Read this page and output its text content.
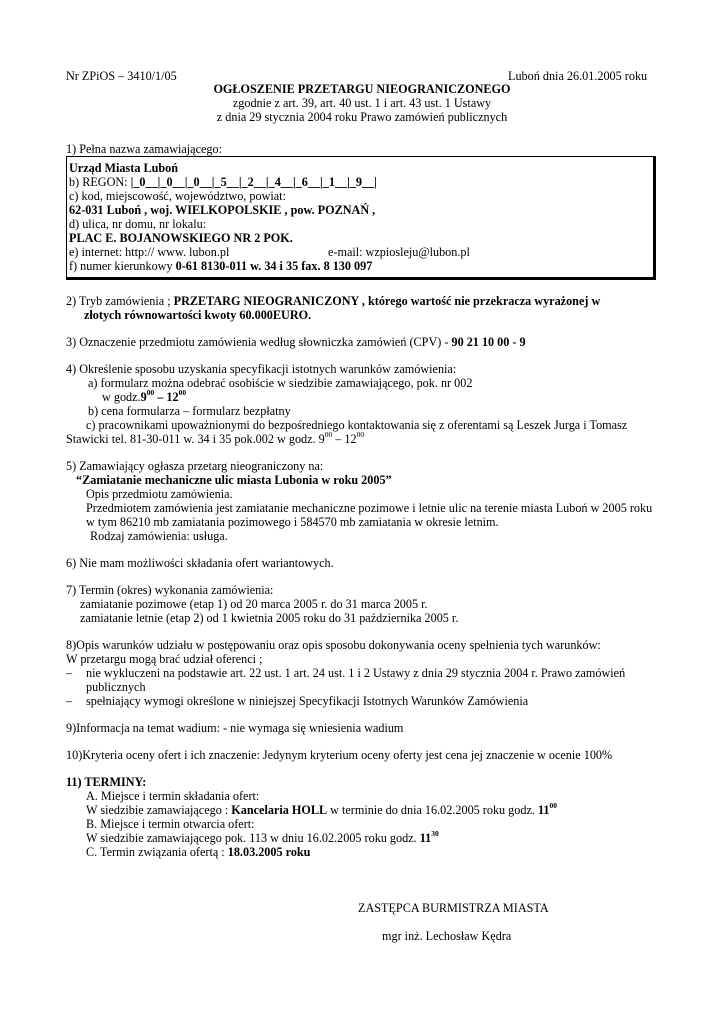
Nr ZPiOS – 3410/1/05	Luboń dnia 26.01.2005 roku
OGŁOSZENIE PRZETARGU NIEOGRANICZONEGO
zgodnie z art. 39, art. 40 ust. 1 i art. 43 ust. 1 Ustawy
z dnia 29 stycznia 2004 roku Prawo zamówień publicznych
1) Pełna nazwa zamawiającego:
Urząd Miasta Luboń
b) REGON: |_0__|_0__|_0__|_5__|_2__|_4__|_6__|_1__|_9__|
c) kod, miejscowość, województwo, powiat:
62-031 Luboń , woj. WIELKOPOLSKIE , pow. POZNAŃ ,
d) ulica, nr domu, nr lokalu:
PLAC E. BOJANOWSKIEGO NR 2 POK.
e) internet: http:// www. lubon.pl	e-mail: wzpiosleju@lubon.pl
f) numer kierunkowy 0-61 8130-011 w. 34 i 35 fax. 8 130 097
2) Tryb zamówienia ; PRZETARG NIEOGRANICZONY , którego wartość nie przekracza wyrażonej w
złotych równowartości kwoty 60.000EURO.
3) Oznaczenie przedmiotu zamówienia według słowniczka zamówień (CPV) - 90 21 10 00 - 9
4) Określenie sposobu uzyskania specyfikacji istotnych warunków zamówienia:
a) formularz można odebrać osobiście w siedzibie zamawiającego, pok. nr 002
w $godz.9^{00} - 12^{00}$
b) cena formularza – formularz bezpłatny
c) pracownikami upoważnionymi do bezpośredniego kontaktowania się z oferentami są Leszek Jurga i Tomasz
Stawicki tel. 81-30-011 w. 34 i 35 pok.002 w godz. $9^{00} - 12^{00}$
5) Zamawiający ogłasza przetarg nieograniczony na:
“Zamiatanie mechaniczne ulic miasta Lubonia w roku 2005”
Opis przedmiotu zamówienia.
Przedmiotem zamówienia jest zamiatanie mechaniczne pozimowe i letnie ulic na terenie miasta Luboń w 2005 roku
w tym 86210 mb zamiatania pozimowego i 584570 mb zamiatania w okresie letnim.
Rodzaj zamówienia: usługa.
6) Nie mam możliwości składania ofert wariantowych.
7) Termin (okres) wykonania zamówienia:
zamiatanie pozimowe (etap 1) od 20 marca 2005 r. do 31 marca 2005 r.
zamiatanie letnie (etap 2) od 1 kwietnia 2005 roku do 31 października 2005 r.
8)Opis warunków udziału w postępowaniu oraz opis sposobu dokonywania oceny spełnienia tych warunków:
W przetargu mogą brać udział oferenci ;
– nie wykluczeni na podstawie art. 22 ust. 1 art. 24 ust. 1 i 2 Ustawy z dnia 29 stycznia 2004 r. Prawo zamówień
publicznych
– spełniający wymogi określone w niniejszej Specyfikacji Istotnych Warunków Zamówienia
9)Informacja na temat wadium: - nie wymaga się wniesienia wadium
10)Kryteria oceny ofert i ich znaczenie: Jedynym kryterium oceny oferty jest cena jej znaczenie w ocenie 100%
11) TERMINY:
A. Miejsce i termin składania ofert:
W siedzibie zamawiającego : Kancelaria HOLL w terminie do dnia 16.02.2005 roku godz. $11^{00}$
B. Miejsce i termin otwarcia ofert:
W siedzibie zamawiającego pok. 113 w dniu 16.02.2005 roku godz. $11^{30}$
C. Termin związania ofertą : 18.03.2005 roku
ZASTĘPCA BURMISTRZA MIASTA
mgr inż. Lechosław Kędra
